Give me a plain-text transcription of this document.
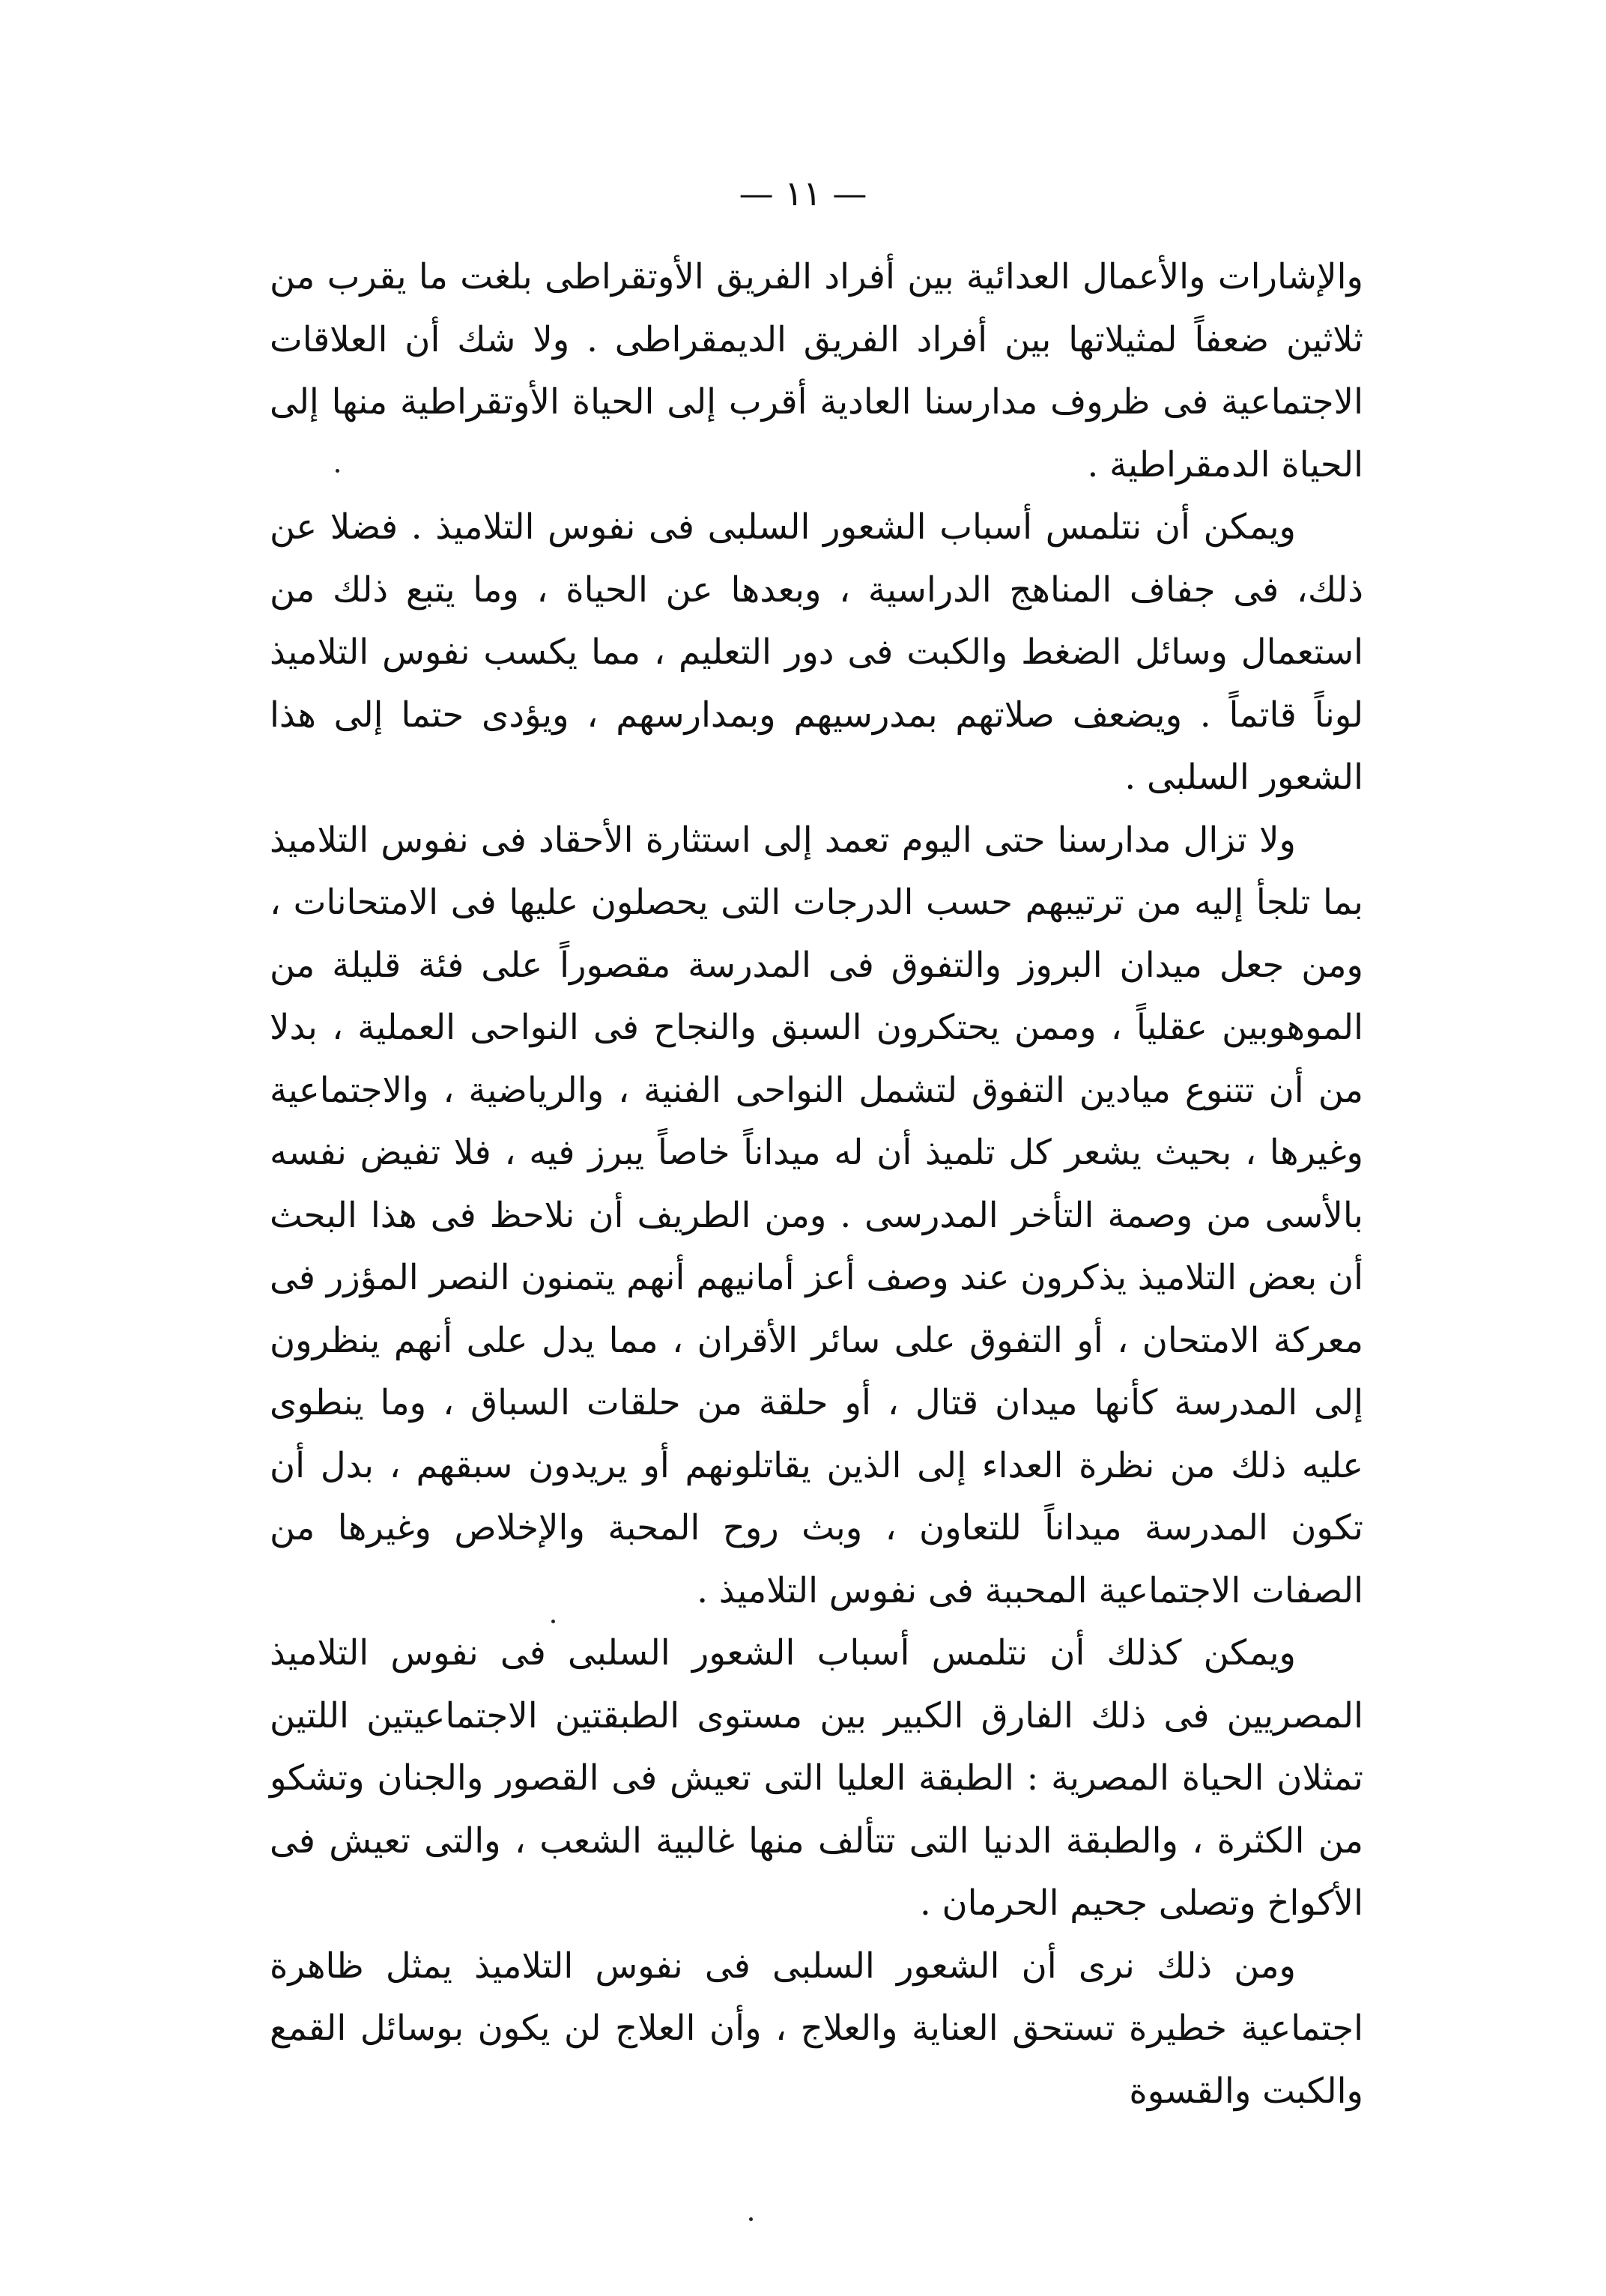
— ١١ —

والإشارات والأعمال العدائية بين أفراد الفريق الأوتقراطى بلغت ما يقرب من ثلاثين ضعفاً لمثيلاتها بين أفراد الفريق الديمقراطى . ولا شك أن العلاقات الاجتماعية فى ظروف مدارسنا العادية أقرب إلى الحياة الأوتقراطية منها إلى الحياة الدمقراطية .

ويمكن أن نتلمس أسباب الشعور السلبى فى نفوس التلاميذ . فضلا عن ذلك، فى جفاف المناهج الدراسية ، وبعدها عن الحياة ، وما يتبع ذلك من استعمال وسائل الضغط والكبت فى دور التعليم ، مما يكسب نفوس التلاميذ لوناً قاتماً . ويضعف صلاتهم بمدرسيهم وبمدارسهم ، ويؤدى حتما إلى هذا الشعور السلبى .

ولا تزال مدارسنا حتى اليوم تعمد إلى استثارة الأحقاد فى نفوس التلاميذ بما تلجأ إليه من ترتيبهم حسب الدرجات التى يحصلون عليها فى الامتحانات ، ومن جعل ميدان البروز والتفوق فى المدرسة مقصوراً على فئة قليلة من الموهوبين عقلياً ، وممن يحتكرون السبق والنجاح فى النواحى العملية ، بدلا من أن تتنوع ميادين التفوق لتشمل النواحى الفنية ، والرياضية ، والاجتماعية وغيرها ، بحيث يشعر كل تلميذ أن له ميداناً خاصاً يبرز فيه ، فلا تفيض نفسه بالأسى من وصمة التأخر المدرسى . ومن الطريف أن نلاحظ فى هذا البحث أن بعض التلاميذ يذكرون عند وصف أعز أمانيهم أنهم يتمنون النصر المؤزر فى معركة الامتحان ، أو التفوق على سائر الأقران ، مما يدل على أنهم ينظرون إلى المدرسة كأنها ميدان قتال ، أو حلقة من حلقات السباق ، وما ينطوى عليه ذلك من نظرة العداء إلى الذين يقاتلونهم أو يريدون سبقهم ، بدل أن تكون المدرسة ميداناً للتعاون ، وبث روح المحبة والإخلاص وغيرها من الصفات الاجتماعية المحببة فى نفوس التلاميذ .

ويمكن كذلك أن نتلمس أسباب الشعور السلبى فى نفوس التلاميذ المصريين فى ذلك الفارق الكبير بين مستوى الطبقتين الاجتماعيتين اللتين تمثلان الحياة المصرية : الطبقة العليا التى تعيش فى القصور والجنان وتشكو من الكثرة ، والطبقة الدنيا التى تتألف منها غالبية الشعب ، والتى تعيش فى الأكواخ وتصلى جحيم الحرمان .

ومن ذلك نرى أن الشعور السلبى فى نفوس التلاميذ يمثل ظاهرة اجتماعية خطيرة تستحق العناية والعلاج ، وأن العلاج لن يكون بوسائل القمع والكبت والقسوة
